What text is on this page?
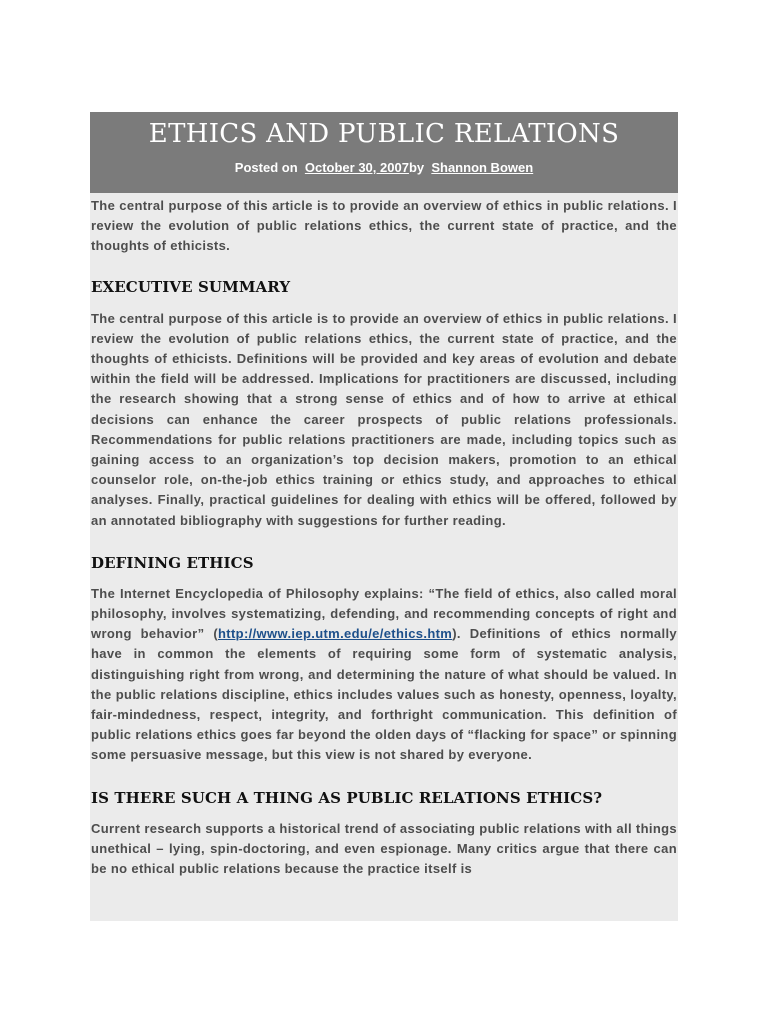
ETHICS AND PUBLIC RELATIONS
Posted on October 30, 2007by Shannon Bowen

The central purpose of this article is to provide an overview of ethics in public relations. I review the evolution of public relations ethics, the current state of practice, and the thoughts of ethicists.

EXECUTIVE SUMMARY

The central purpose of this article is to provide an overview of ethics in public relations. I review the evolution of public relations ethics, the current state of practice, and the thoughts of ethicists. Definitions will be provided and key areas of evolution and debate within the field will be addressed. Implications for practitioners are discussed, including the research showing that a strong sense of ethics and of how to arrive at ethical decisions can enhance the career prospects of public relations professionals. Recommendations for public relations practitioners are made, including topics such as gaining access to an organization’s top decision makers, promotion to an ethical counselor role, on-the-job ethics training or ethics study, and approaches to ethical analyses. Finally, practical guidelines for dealing with ethics will be offered, followed by an annotated bibliography with suggestions for further reading.

DEFINING ETHICS

The Internet Encyclopedia of Philosophy explains: “The field of ethics, also called moral philosophy, involves systematizing, defending, and recommending concepts of right and wrong behavior” (http://www.iep.utm.edu/e/ethics.htm). Definitions of ethics normally have in common the elements of requiring some form of systematic analysis, distinguishing right from wrong, and determining the nature of what should be valued. In the public relations discipline, ethics includes values such as honesty, openness, loyalty, fair-mindedness, respect, integrity, and forthright communication. This definition of public relations ethics goes far beyond the olden days of “flacking for space” or spinning some persuasive message, but this view is not shared by everyone.

IS THERE SUCH A THING AS PUBLIC RELATIONS ETHICS?

Current research supports a historical trend of associating public relations with all things unethical – lying, spin-doctoring, and even espionage. Many critics argue that there can be no ethical public relations because the practice itself is
